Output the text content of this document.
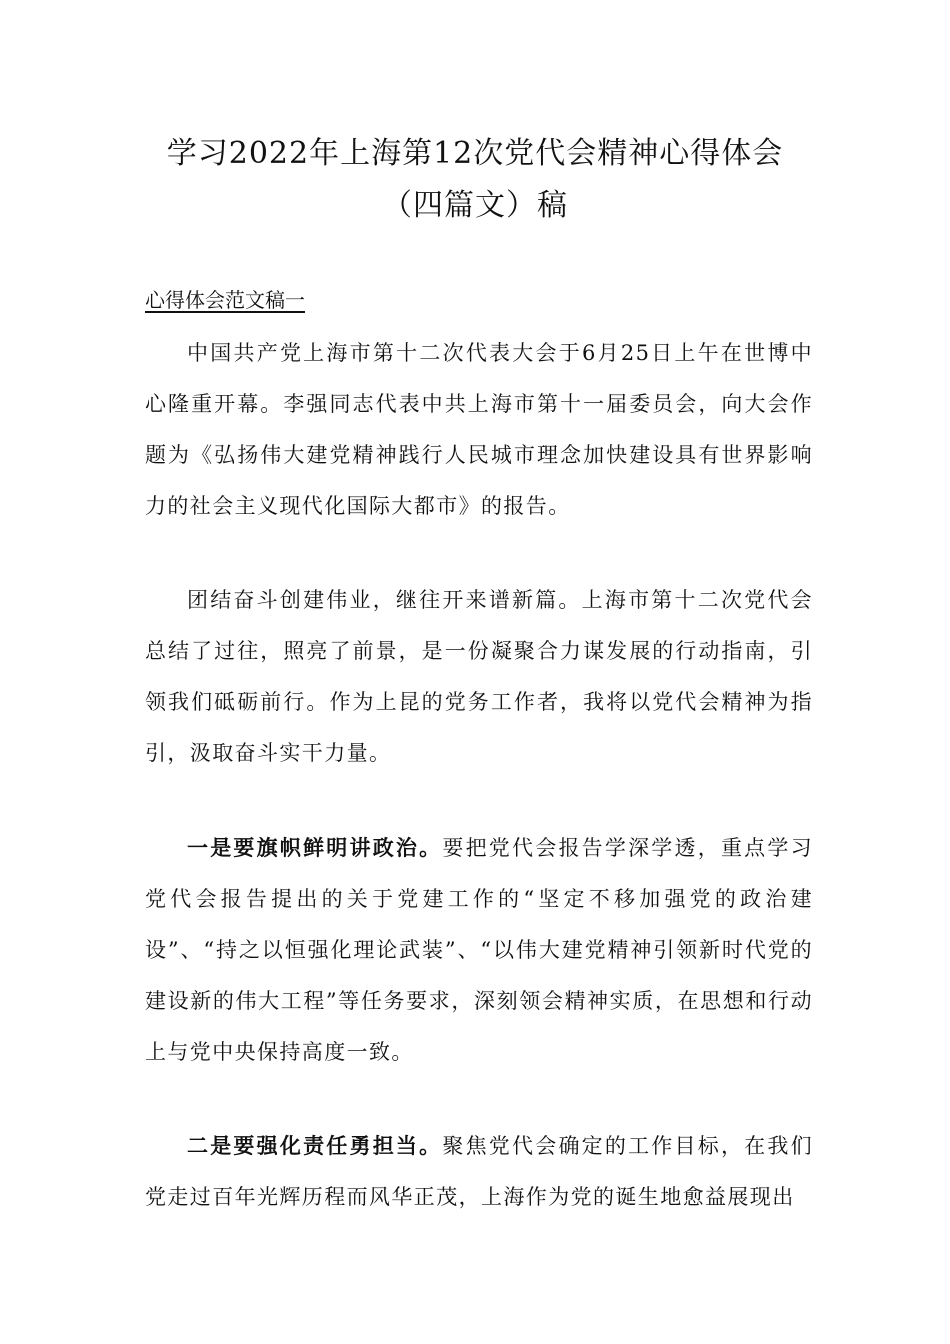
学习2022年上海第12次党代会精神心得体会（四篇文）稿

心得体会范文稿一

中国共产党上海市第十二次代表大会于6月25日上午在世博中心隆重开幕。李强同志代表中共上海市第十一届委员会，向大会作题为《弘扬伟大建党精神践行人民城市理念加快建设具有世界影响力的社会主义现代化国际大都市》的报告。

团结奋斗创建伟业，继往开来谱新篇。上海市第十二次党代会总结了过往，照亮了前景，是一份凝聚合力谋发展的行动指南，引领我们砥砺前行。作为上昆的党务工作者，我将以党代会精神为指引，汲取奋斗实干力量。

一是要旗帜鲜明讲政治。要把党代会报告学深学透，重点学习党代会报告提出的关于党建工作的“坚定不移加强党的政治建设”、“持之以恒强化理论武装”、“以伟大建党精神引领新时代党的建设新的伟大工程”等任务要求，深刻领会精神实质，在思想和行动上与党中央保持高度一致。

二是要强化责任勇担当。聚焦党代会确定的工作目标，在我们党走过百年光辉历程而风华正茂，上海作为党的诞生地愈益展现出
